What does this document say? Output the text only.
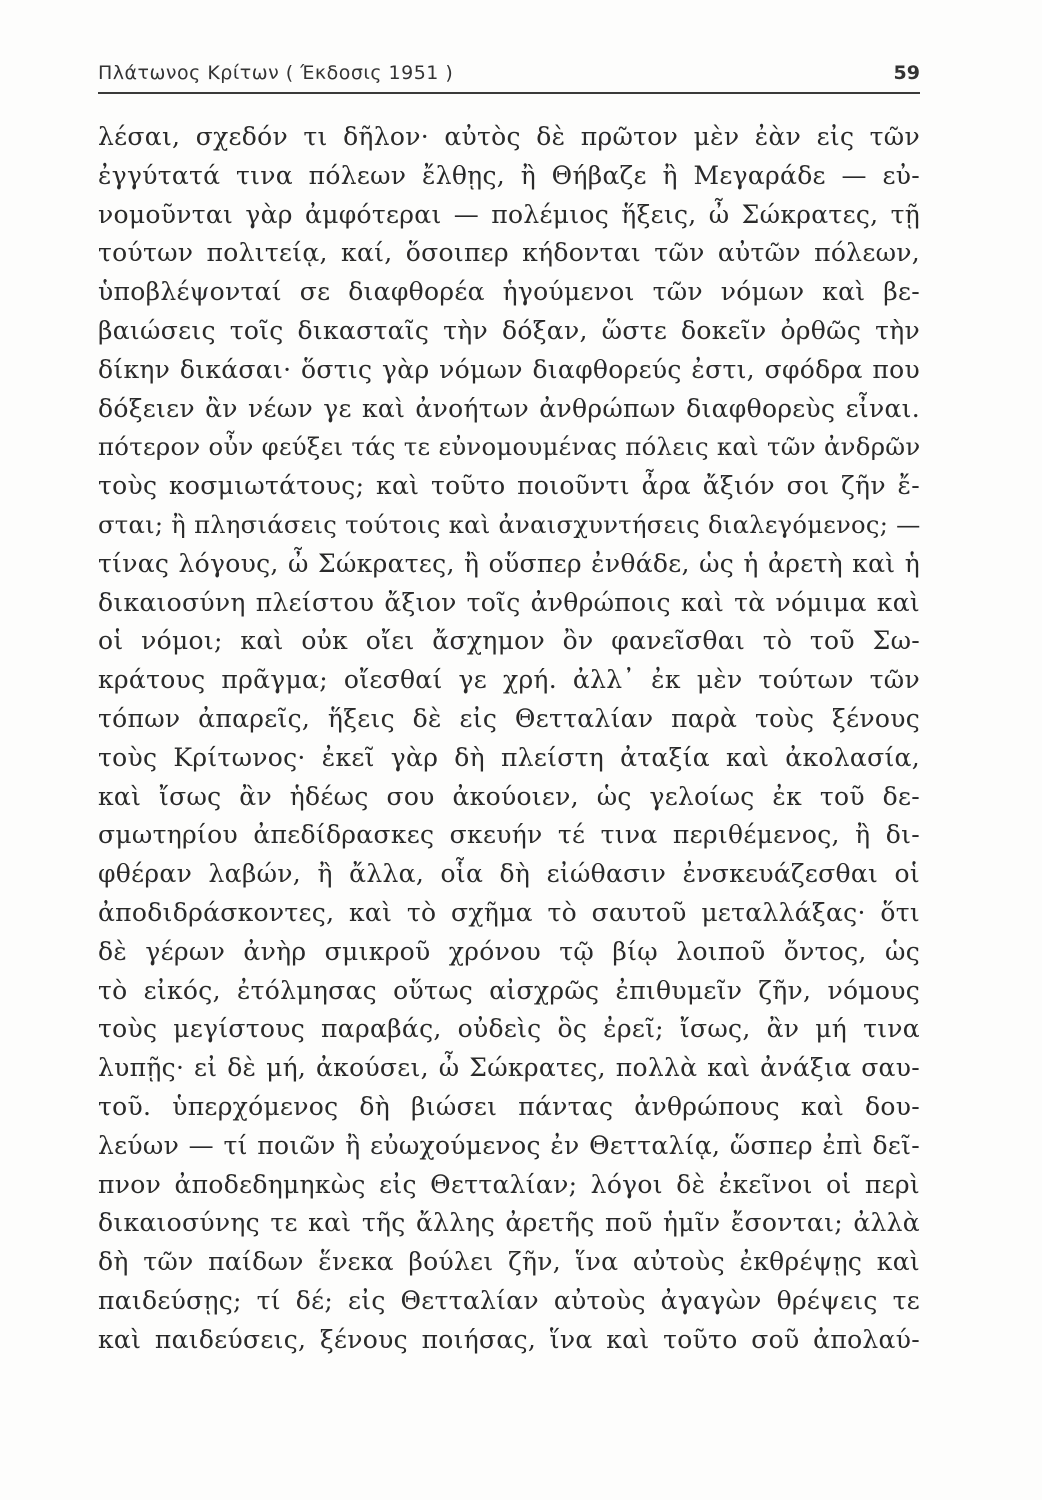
Πλάτωνος Κρίτων ( Έκδοσις 1951 )	59
λέσαι, σχεδόν τι δῆλον· αὐτὸς δὲ πρῶτον μὲν ἐὰν εἰς τῶν
ἐγγύτατά τινα πόλεων ἔλθῃς, ἢ Θήβαζε ἢ Μεγαράδε — εὐ-
νομοῦνται γὰρ ἀμφότεραι — πολέμιος ἥξεις, ὦ Σώκρατες, τῇ
τούτων πολιτείᾳ, καί, ὅσοιπερ κήδονται τῶν αὐτῶν πόλεων,
ὑποβλέψονταί σε διαφθορέα ἡγούμενοι τῶν νόμων καὶ βε-
βαιώσεις τοῖς δικασταῖς τὴν δόξαν, ὥστε δοκεῖν ὀρθῶς τὴν
δίκην δικάσαι· ὅστις γὰρ νόμων διαφθορεύς ἐστι, σφόδρα που
δόξειεν ἂν νέων γε καὶ ἀνοήτων ἀνθρώπων διαφθορεὺς εἶναι.
πότερον οὖν φεύξει τάς τε εὐνομουμένας πόλεις καὶ τῶν ἀνδρῶν
τοὺς κοσμιωτάτους; καὶ τοῦτο ποιοῦντι ἆρα ἄξιόν σοι ζῆν ἔ-
σται; ἢ πλησιάσεις τούτοις καὶ ἀναισχυντήσεις διαλεγόμενος; —
τίνας λόγους, ὦ Σώκρατες, ἢ οὕσπερ ἐνθάδε, ὡς ἡ ἀρετὴ καὶ ἡ
δικαιοσύνη πλείστου ἄξιον τοῖς ἀνθρώποις καὶ τὰ νόμιμα καὶ
οἱ νόμοι; καὶ οὐκ οἴει ἄσχημον ὂν φανεῖσθαι τὸ τοῦ Σω-
κράτους πρᾶγμα; οἴεσθαί γε χρή. ἀλλ᾽ ἐκ μὲν τούτων τῶν
τόπων ἀπαρεῖς, ἥξεις δὲ εἰς Θετταλίαν παρὰ τοὺς ξένους
τοὺς Κρίτωνος· ἐκεῖ γὰρ δὴ πλείστη ἀταξία καὶ ἀκολασία,
καὶ ἴσως ἂν ἡδέως σου ἀκούοιεν, ὡς γελοίως ἐκ τοῦ δε-
σμωτηρίου ἀπεδίδρασκες σκευήν τέ τινα περιθέμενος, ἢ δι-
φθέραν λαβών, ἢ ἄλλα, οἷα δὴ εἰώθασιν ἐνσκευάζεσθαι οἱ
ἀποδιδράσκοντες, καὶ τὸ σχῆμα τὸ σαυτοῦ μεταλλάξας· ὅτι
δὲ γέρων ἀνὴρ σμικροῦ χρόνου τῷ βίῳ λοιποῦ ὄντος, ὡς
τὸ εἰκός, ἐτόλμησας οὕτως αἰσχρῶς ἐπιθυμεῖν ζῆν, νόμους
τοὺς μεγίστους παραβάς, οὐδεὶς ὃς ἐρεῖ; ἴσως, ἂν μή τινα
λυπῇς· εἰ δὲ μή, ἀκούσει, ὦ Σώκρατες, πολλὰ καὶ ἀνάξια σαυ-
τοῦ. ὑπερχόμενος δὴ βιώσει πάντας ἀνθρώπους καὶ δου-
λεύων — τί ποιῶν ἢ εὐωχούμενος ἐν Θετταλίᾳ, ὥσπερ ἐπὶ δεῖ-
πνον ἀποδεδημηκὼς εἰς Θετταλίαν; λόγοι δὲ ἐκεῖνοι οἱ περὶ
δικαιοσύνης τε καὶ τῆς ἄλλης ἀρετῆς ποῦ ἡμῖν ἔσονται; ἀλλὰ
δὴ τῶν παίδων ἕνεκα βούλει ζῆν, ἵνα αὐτοὺς ἐκθρέψῃς καὶ
παιδεύσῃς; τί δέ; εἰς Θετταλίαν αὐτοὺς ἀγαγὼν θρέψεις τε
καὶ παιδεύσεις, ξένους ποιήσας, ἵνα καὶ τοῦτο σοῦ ἀπολαύ-
